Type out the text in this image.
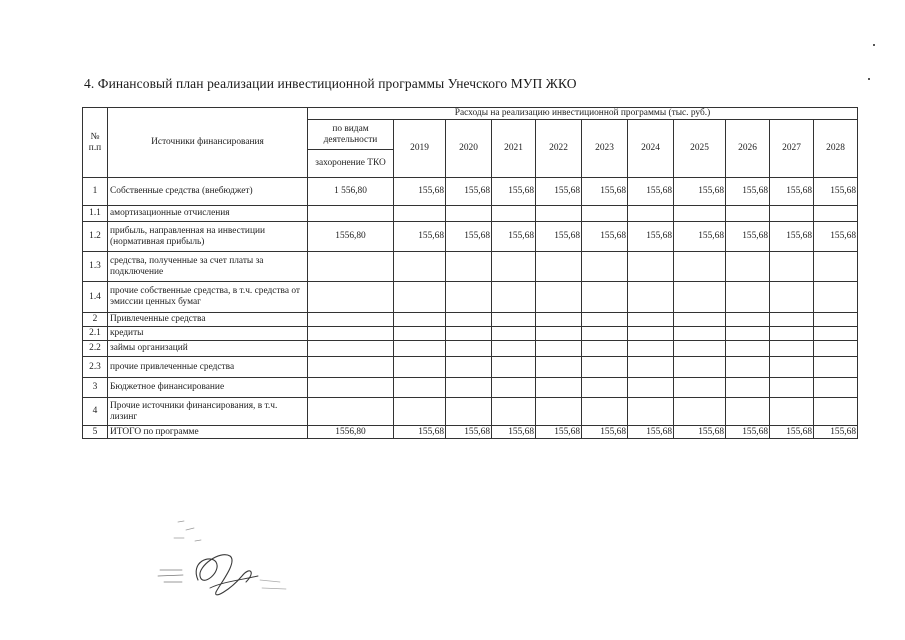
4. Финансовый план реализации инвестиционной программы Унечского МУП ЖКО
№ п.п	Источники финансирования	Расходы на реализацию инвестиционной программы (тыс. руб.)										
		по видам деятельности	2019	2020	2021	2022	2023	2024	2025	2026	2027	2028
		захоронение ТКО										
1	Собственные средства (внебюджет)	1 556,80	155,68	155,68	155,68	155,68	155,68	155,68	155,68	155,68	155,68	155,68
1.1	амортизационные отчисления											
1.2	прибыль, направленная на инвестиции (нормативная прибыль)	1556,80	155,68	155,68	155,68	155,68	155,68	155,68	155,68	155,68	155,68	155,68
1.3	средства, полученные за счет платы за подключение											
1.4	прочие собственные средства, в т.ч. средства от эмиссии ценных бумаг											
2	Привлеченные средства											
2.1	кредиты											
2.2	займы организаций											
2.3	прочие привлеченные средства											
3	Бюджетное финансирование											
4	Прочие источники финансирования, в т.ч. лизинг											
5	ИТОГО по программе	1556,80	155,68	155,68	155,68	155,68	155,68	155,68	155,68	155,68	155,68	155,68
